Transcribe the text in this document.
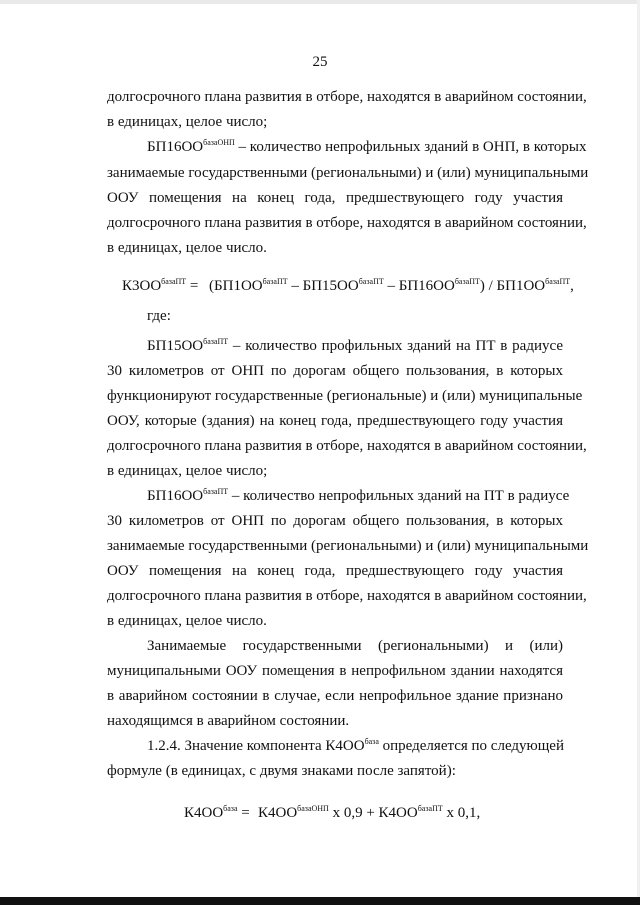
25
долгосрочного плана развития в отборе, находятся в аварийном состоянии,
в единицах, целое число;
$БП16ОО^{базаОНП}$ – количество непрофильных зданий в ОНП, в которых
занимаемые государственными (региональными) и (или) муниципальными
ООУ помещения на конец года, предшествующего году участия
долгосрочного плана развития в отборе, находятся в аварийном состоянии,
в единицах, целое число.
$К3ОО^{базаПТ} = (БП1ОО^{базаПТ} - БП15ОО^{базаПТ} - БП16ОО^{базаПТ}) / БП1ОО^{базаПТ}$,
где:
$БП15ОО^{базаПТ}$ – количество профильных зданий на ПТ в радиусе
30 километров от ОНП по дорогам общего пользования, в которых
функционируют государственные (региональные) и (или) муниципальные
ООУ, которые (здания) на конец года, предшествующего году участия
долгосрочного плана развития в отборе, находятся в аварийном состоянии,
в единицах, целое число;
$БП16ОО^{базаПТ}$ – количество непрофильных зданий на ПТ в радиусе
30 километров от ОНП по дорогам общего пользования, в которых
занимаемые государственными (региональными) и (или) муниципальными
ООУ помещения на конец года, предшествующего году участия
долгосрочного плана развития в отборе, находятся в аварийном состоянии,
в единицах, целое число.
Занимаемые государственными (региональными) и (или)
муниципальными ООУ помещения в непрофильном здании находятся
в аварийном состоянии в случае, если непрофильное здание признано
находящимся в аварийном состоянии.
1.2.4. Значение компонента $К4ОО^{база}$ определяется по следующей
формуле (в единицах, с двумя знаками после запятой):
$К4ОО^{база} = К4ОО^{базаОНП}$ х $0,9 + К4ОО^{базаПТ}$ х 0,1,
